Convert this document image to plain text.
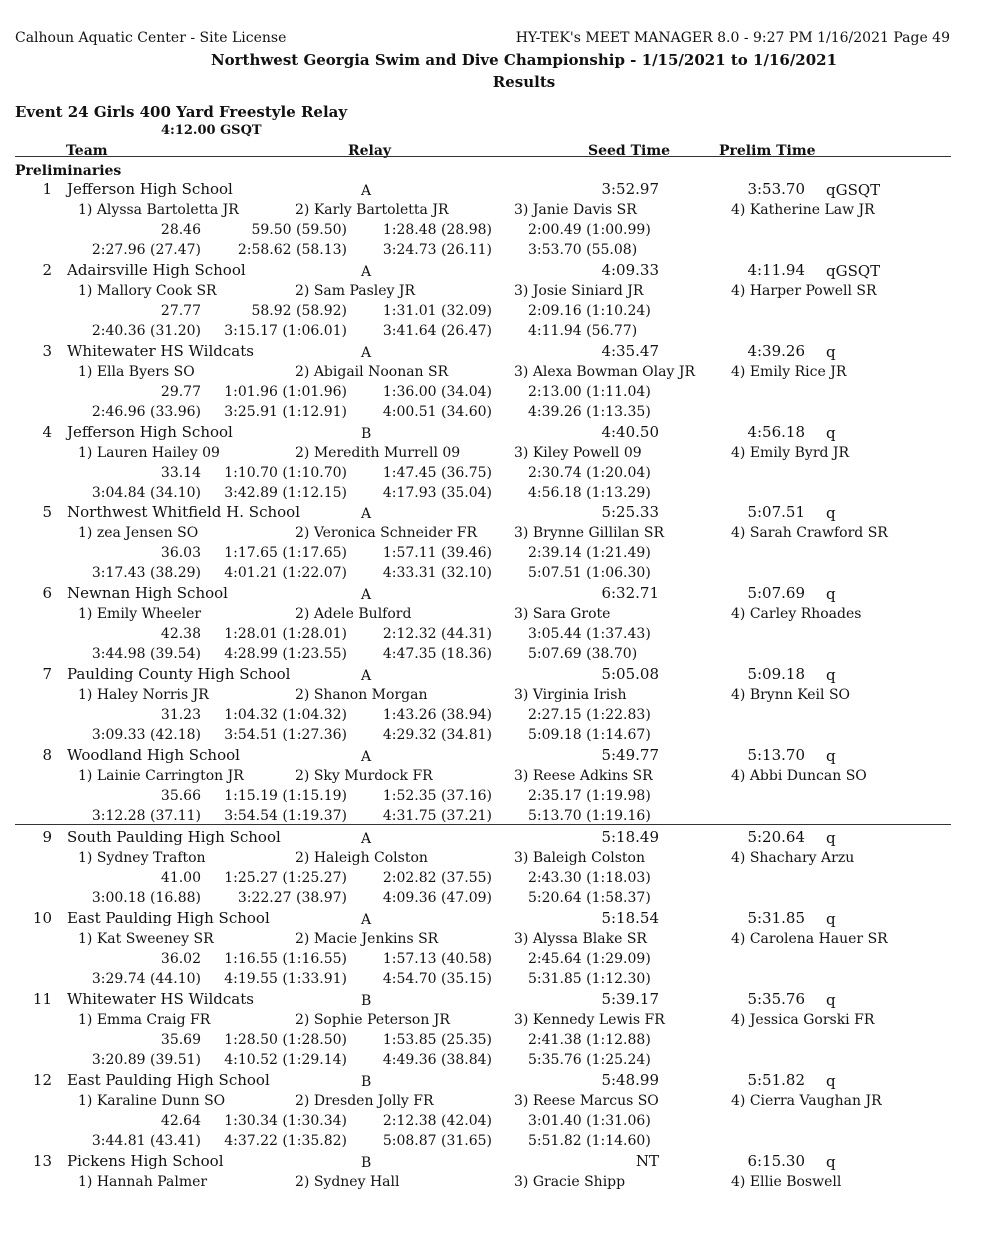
Calhoun Aquatic Center - Site License	HY-TEK's MEET MANAGER 8.0 - 9:27 PM 1/16/2021 Page 49
Northwest Georgia Swim and Dive Championship - 1/15/2021 to 1/16/2021
Results
Event 24 Girls 400 Yard Freestyle Relay
4:12.00 GSQT
Team	Relay	Seed Time	Prelim Time
Preliminaries
1 Jefferson High School	A	3:52.97	3:53.70 qGSQT
1) Alyssa Bartoletta JR	2) Karly Bartoletta JR	3) Janie Davis SR	4) Katherine Law JR
28.46	59.50 (59.50)	1:28.48 (28.98)	2:00.49 (1:00.99)
2:27.96 (27.47)	2:58.62 (58.13)	3:24.73 (26.11)	3:53.70 (55.08)
2 Adairsville High School	A	4:09.33	4:11.94 qGSQT
1) Mallory Cook SR	2) Sam Pasley JR	3) Josie Siniard JR	4) Harper Powell SR
27.77	58.92 (58.92)	1:31.01 (32.09)	2:09.16 (1:10.24)
2:40.36 (31.20) 3:15.17 (1:06.01)	3:41.64 (26.47)	4:11.94 (56.77)
3 Whitewater HS Wildcats	A	4:35.47	4:39.26 q
1) Ella Byers SO	2) Abigail Noonan SR	3) Alexa Bowman Olay JR	4) Emily Rice JR
29.77 1:01.96 (1:01.96)	1:36.00 (34.04)	2:13.00 (1:11.04)
2:46.96 (33.96) 3:25.91 (1:12.91)	4:00.51 (34.60)	4:39.26 (1:13.35)
4 Jefferson High School	B	4:40.50	4:56.18 q
1) Lauren Hailey 09	2) Meredith Murrell 09	3) Kiley Powell 09	4) Emily Byrd JR
33.14 1:10.70 (1:10.70)	1:47.45 (36.75)	2:30.74 (1:20.04)
3:04.84 (34.10) 3:42.89 (1:12.15)	4:17.93 (35.04)	4:56.18 (1:13.29)
5 Northwest Whitfield H. School	A	5:25.33	5:07.51 q
1) zea Jensen SO	2) Veronica Schneider FR	3) Brynne Gillilan SR	4) Sarah Crawford SR
36.03 1:17.65 (1:17.65)	1:57.11 (39.46)	2:39.14 (1:21.49)
3:17.43 (38.29) 4:01.21 (1:22.07)	4:33.31 (32.10)	5:07.51 (1:06.30)
6 Newnan High School	A	6:32.71	5:07.69 q
1) Emily Wheeler	2) Adele Bulford	3) Sara Grote	4) Carley Rhoades
42.38 1:28.01 (1:28.01)	2:12.32 (44.31)	3:05.44 (1:37.43)
3:44.98 (39.54) 4:28.99 (1:23.55)	4:47.35 (18.36)	5:07.69 (38.70)
7 Paulding County High School	A	5:05.08	5:09.18 q
1) Haley Norris JR	2) Shanon Morgan	3) Virginia Irish	4) Brynn Keil SO
31.23 1:04.32 (1:04.32)	1:43.26 (38.94)	2:27.15 (1:22.83)
3:09.33 (42.18) 3:54.51 (1:27.36)	4:29.32 (34.81)	5:09.18 (1:14.67)
8 Woodland High School	A	5:49.77	5:13.70 q
1) Lainie Carrington JR	2) Sky Murdock FR	3) Reese Adkins SR	4) Abbi Duncan SO
35.66 1:15.19 (1:15.19)	1:52.35 (37.16)	2:35.17 (1:19.98)
3:12.28 (37.11) 3:54.54 (1:19.37)	4:31.75 (37.21)	5:13.70 (1:19.16)
9 South Paulding High School	A	5:18.49	5:20.64 q
1) Sydney Trafton	2) Haleigh Colston	3) Baleigh Colston	4) Shachary Arzu
41.00 1:25.27 (1:25.27)	2:02.82 (37.55)	2:43.30 (1:18.03)
3:00.18 (16.88)	3:22.27 (38.97)	4:09.36 (47.09)	5:20.64 (1:58.37)
10 East Paulding High School	A	5:18.54	5:31.85 q
1) Kat Sweeney SR	2) Macie Jenkins SR	3) Alyssa Blake SR	4) Carolena Hauer SR
36.02 1:16.55 (1:16.55)	1:57.13 (40.58)	2:45.64 (1:29.09)
3:29.74 (44.10) 4:19.55 (1:33.91)	4:54.70 (35.15)	5:31.85 (1:12.30)
11 Whitewater HS Wildcats	B	5:39.17	5:35.76 q
1) Emma Craig FR	2) Sophie Peterson JR	3) Kennedy Lewis FR	4) Jessica Gorski FR
35.69 1:28.50 (1:28.50)	1:53.85 (25.35)	2:41.38 (1:12.88)
3:20.89 (39.51) 4:10.52 (1:29.14)	4:49.36 (38.84)	5:35.76 (1:25.24)
12 East Paulding High School	B	5:48.99	5:51.82 q
1) Karaline Dunn SO	2) Dresden Jolly FR	3) Reese Marcus SO	4) Cierra Vaughan JR
42.64 1:30.34 (1:30.34)	2:12.38 (42.04)	3:01.40 (1:31.06)
3:44.81 (43.41) 4:37.22 (1:35.82)	5:08.87 (31.65)	5:51.82 (1:14.60)
13 Pickens High School	B	NT	6:15.30 q
1) Hannah Palmer	2) Sydney Hall	3) Gracie Shipp	4) Ellie Boswell
